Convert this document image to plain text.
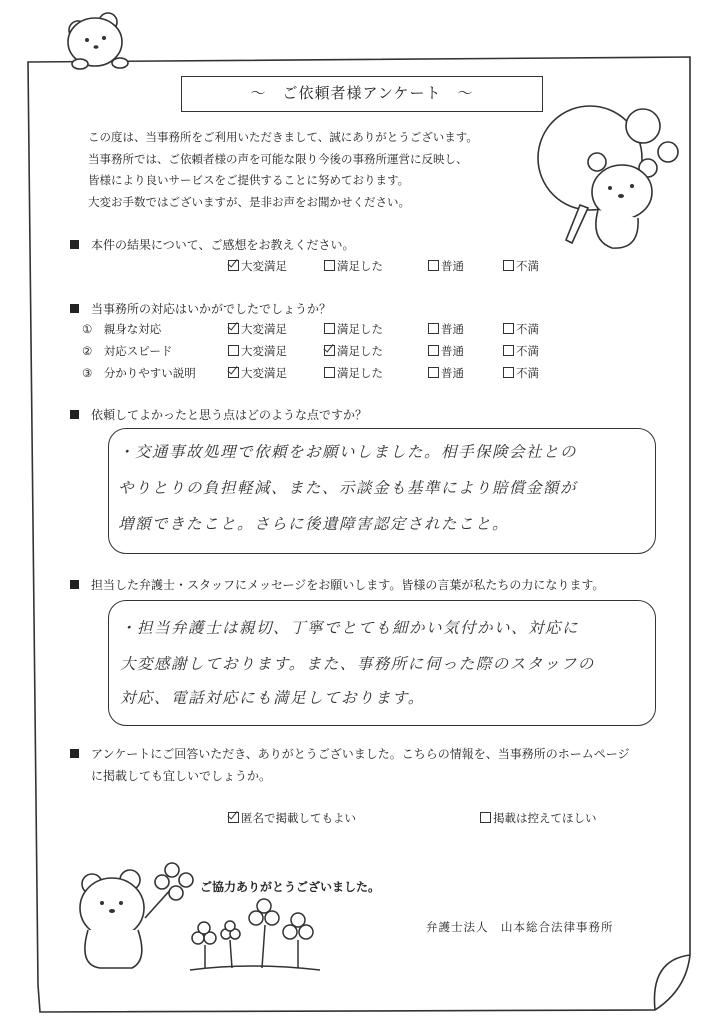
～　ご依頼者様アンケート　～
この度は、当事務所をご利用いただきまして、誠にありがとうございます。
当事務所では、ご依頼者様の声を可能な限り今後の事務所運営に反映し、
皆様により良いサービスをご提供することに努めております。
大変お手数ではございますが、是非お声をお聞かせください。
本件の結果について、ご感想をお教えください。
大変満足	満足した	普通	不満
当事務所の対応はいかがでしたでしょうか？
①　 親身な対応	大変満足	満足した	普通	不満
②　 対応スピード	大変満足	満足した	普通	不満
③　 分かりやすい説明	大変満足	満足した	普通	不満
依頼してよかったと思う点はどのような点ですか？
・交通事故処理で依頼をお願いしました。相手保険会社との
やりとりの負担軽減、また、示談金も基準により賠償金額が
増額できたこと。さらに後遺障害認定されたこと。
担当した弁護士・スタッフにメッセージをお願いします。皆様の言葉が私たちの力になります。
・担当弁護士は親切、丁寧でとても細かい気付かい、対応に
大変感謝しております。また、事務所に伺った際のスタッフの
対応、電話対応にも満足しております。
アンケートにご回答いただき、ありがとうございました。こちらの情報を、当事務所のホームページ
に掲載しても宜しいでしょうか。
匿名で掲載してもよい	掲載は控えてほしい
ご協力ありがとうございました。
弁護士法人　山本総合法律事務所
